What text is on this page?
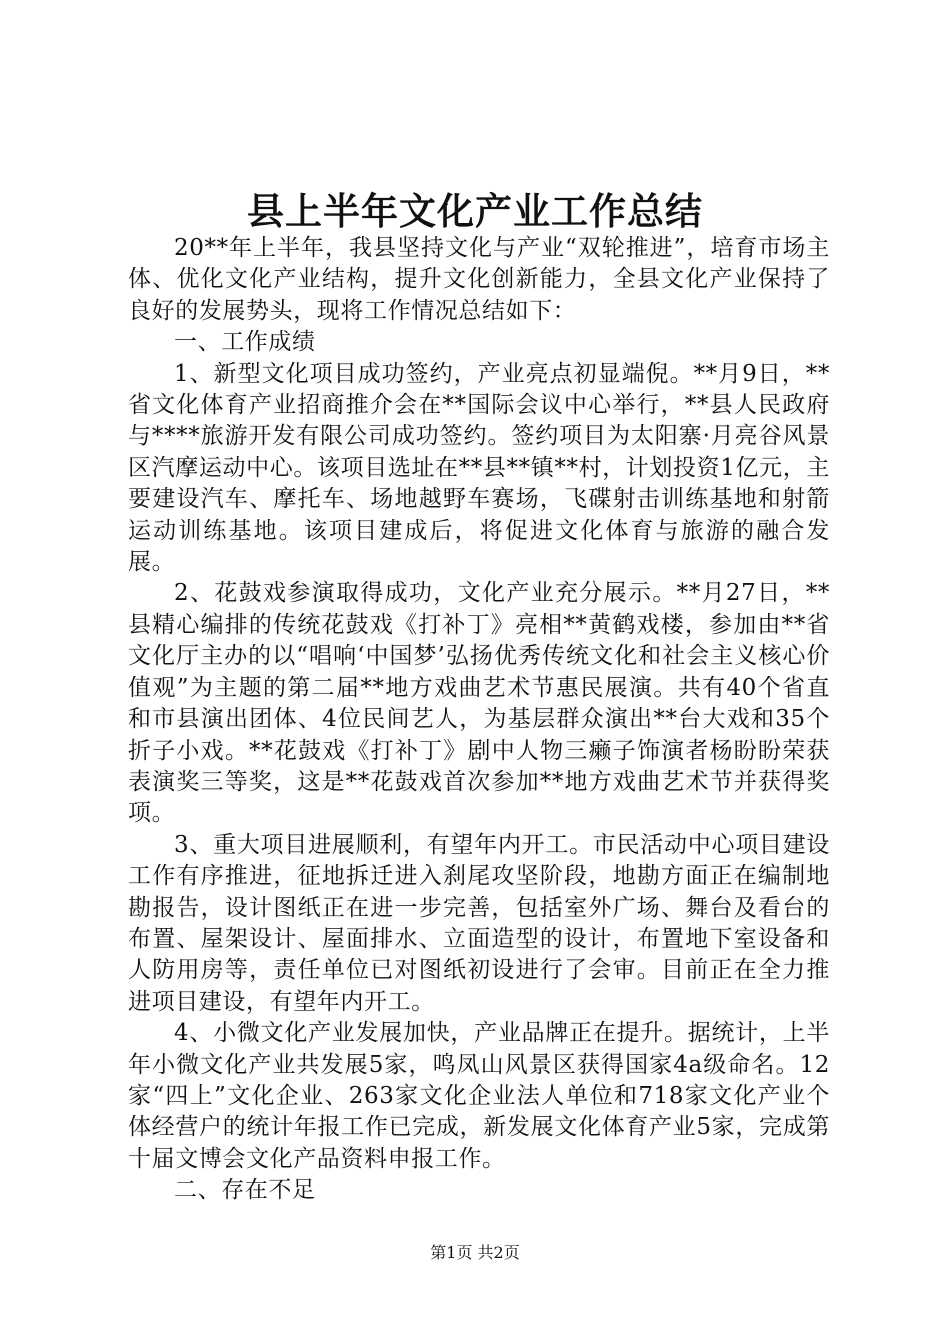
县上半年文化产业工作总结

20**年上半年，我县坚持文化与产业“双轮推进”，培育市场主体、优化文化产业结构，提升文化创新能力，全县文化产业保持了良好的发展势头，现将工作情况总结如下：

一、工作成绩

1、新型文化项目成功签约，产业亮点初显端倪。**月9日，**省文化体育产业招商推介会在**国际会议中心举行，**县人民政府与****旅游开发有限公司成功签约。签约项目为太阳寨·月亮谷风景区汽摩运动中心。该项目选址在**县**镇**村，计划投资1亿元，主要建设汽车、摩托车、场地越野车赛场，飞碟射击训练基地和射箭运动训练基地。该项目建成后，将促进文化体育与旅游的融合发展。

2、花鼓戏参演取得成功，文化产业充分展示。**月27日，**县精心编排的传统花鼓戏《打补丁》亮相**黄鹤戏楼，参加由**省文化厅主办的以“唱响‘中国梦’弘扬优秀传统文化和社会主义核心价值观”为主题的第二届**地方戏曲艺术节惠民展演。共有40个省直和市县演出团体、4位民间艺人，为基层群众演出**台大戏和35个折子小戏。**花鼓戏《打补丁》剧中人物三癞子饰演者杨盼盼荣获表演奖三等奖，这是**花鼓戏首次参加**地方戏曲艺术节并获得奖项。

3、重大项目进展顺利，有望年内开工。市民活动中心项目建设工作有序推进，征地拆迁进入刹尾攻坚阶段，地勘方面正在编制地勘报告，设计图纸正在进一步完善，包括室外广场、舞台及看台的布置、屋架设计、屋面排水、立面造型的设计，布置地下室设备和人防用房等，责任单位已对图纸初设进行了会审。目前正在全力推进项目建设，有望年内开工。

4、小微文化产业发展加快，产业品牌正在提升。据统计，上半年小微文化产业共发展5家，鸣凤山风景区获得国家4a级命名。12家“四上”文化企业、263家文化企业法人单位和718家文化产业个体经营户的统计年报工作已完成，新发展文化体育产业5家，完成第十届文博会文化产品资料申报工作。

二、存在不足

第1页 共2页
